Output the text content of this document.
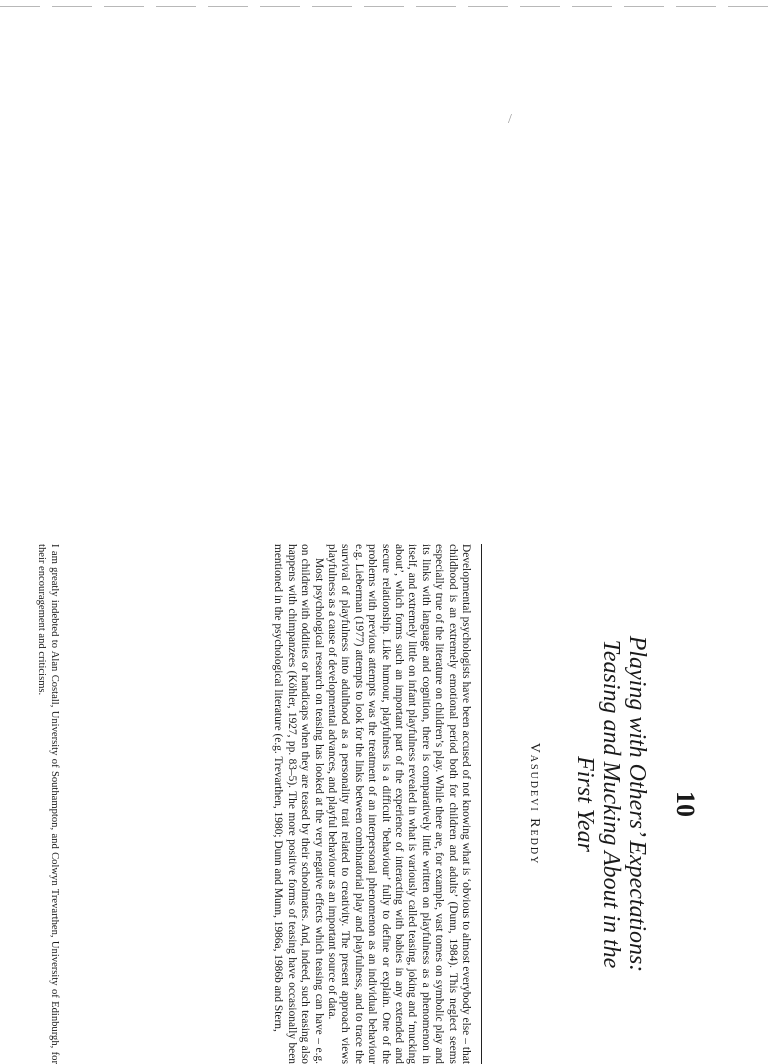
/
10
Playing with Others’ Expectations:
Teasing and Mucking About in the
First Year
Vasudevi Reddy

Developmental psychologists have been accused of not knowing what is ‘obvious to almost everybody else – that childhood is an extremely emotional period both for children and adults’ (Dunn, 1984). This neglect seems especially true of the literature on children’s play. While there are, for example, vast tomes on symbolic play and its links with language and cognition, there is comparatively little written on playfulness as a phenomenon in itself, and extremely little on infant playfulness revealed in what is variously called teasing, joking and ‘mucking about’, which forms such an important part of the experience of interacting with babies in any extended and secure relationship. Like humour, playfulness is a difficult ‘behaviour’ fully to define or explain. One of the problems with previous attempts was the treatment of an interpersonal phenomenon as an individual behaviour e.g. Lieberman (1977) attempts to look for the links between combinatorial play and playfulness, and to trace the survival of playfulness into adulthood as a personality trait related to creativity. The present approach views playfulness as a cause of developmental advances, and playful behaviour as an important source of data.

Most psychological research on teasing has looked at the very negative effects which teasing can have – e.g. on children with oddities or handicaps when they are teased by their schoolmates. And, indeed, such teasing also happens with chimpanzees (Köhler, 1927, pp. 83–5). The more positive forms of teasing have occasionally been mentioned in the psychological literature (e.g. Trevarthen, 1980; Dunn and Munn, 1986a, 1986b and Stern,

I am greatly indebted to Alan Costall, University of Southampton, and Colwyn Trevarthen, University of Edinburgh, for their encouragement and criticisms.
